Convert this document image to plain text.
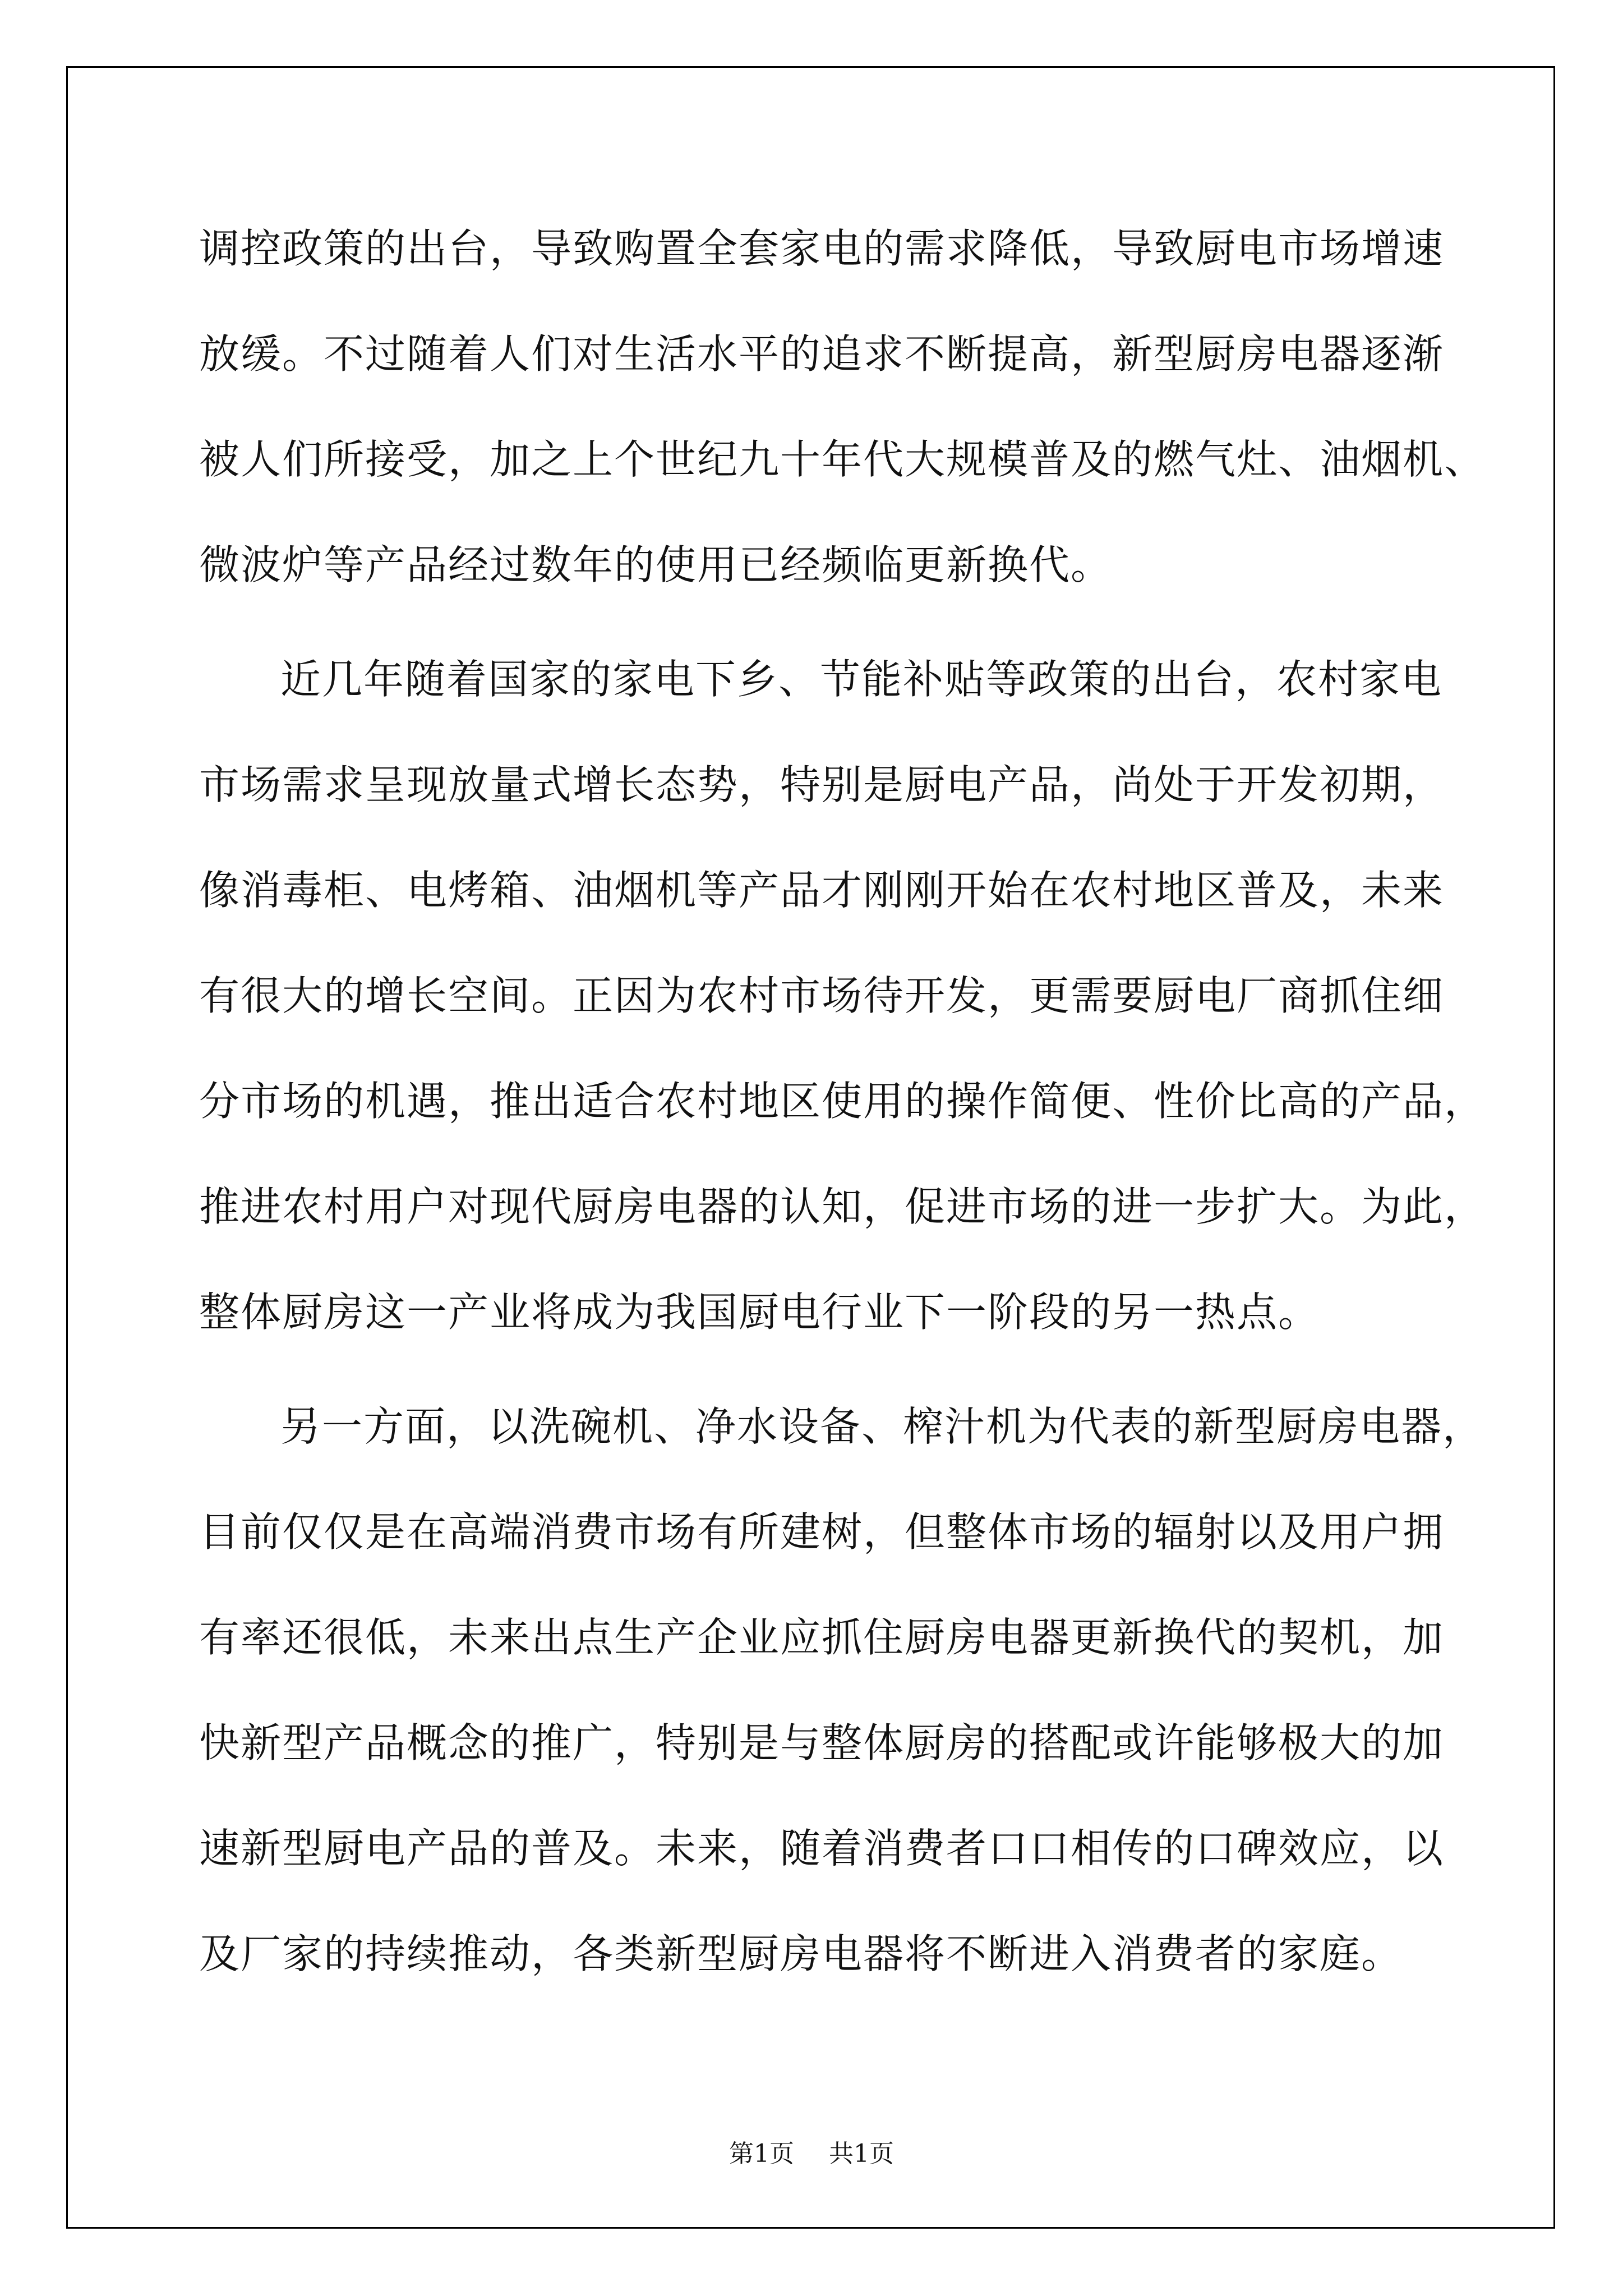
调控政策的出台，导致购置全套家电的需求降低，导致厨电市场增速
放缓。不过随着人们对生活水平的追求不断提高，新型厨房电器逐渐
被人们所接受，加之上个世纪九十年代大规模普及的燃气灶、油烟机、
微波炉等产品经过数年的使用已经频临更新换代。
近几年随着国家的家电下乡、节能补贴等政策的出台，农村家电
市场需求呈现放量式增长态势，特别是厨电产品，尚处于开发初期，
像消毒柜、电烤箱、油烟机等产品才刚刚开始在农村地区普及，未来
有很大的增长空间。正因为农村市场待开发，更需要厨电厂商抓住细
分市场的机遇，推出适合农村地区使用的操作简便、性价比高的产品，
推进农村用户对现代厨房电器的认知，促进市场的进一步扩大。为此，
整体厨房这一产业将成为我国厨电行业下一阶段的另一热点。
另一方面，以洗碗机、净水设备、榨汁机为代表的新型厨房电器，
目前仅仅是在高端消费市场有所建树，但整体市场的辐射以及用户拥
有率还很低，未来出点生产企业应抓住厨房电器更新换代的契机，加
快新型产品概念的推广，特别是与整体厨房的搭配或许能够极大的加
速新型厨电产品的普及。未来，随着消费者口口相传的口碑效应，以
及厂家的持续推动，各类新型厨房电器将不断进入消费者的家庭。
第1页 共1页
